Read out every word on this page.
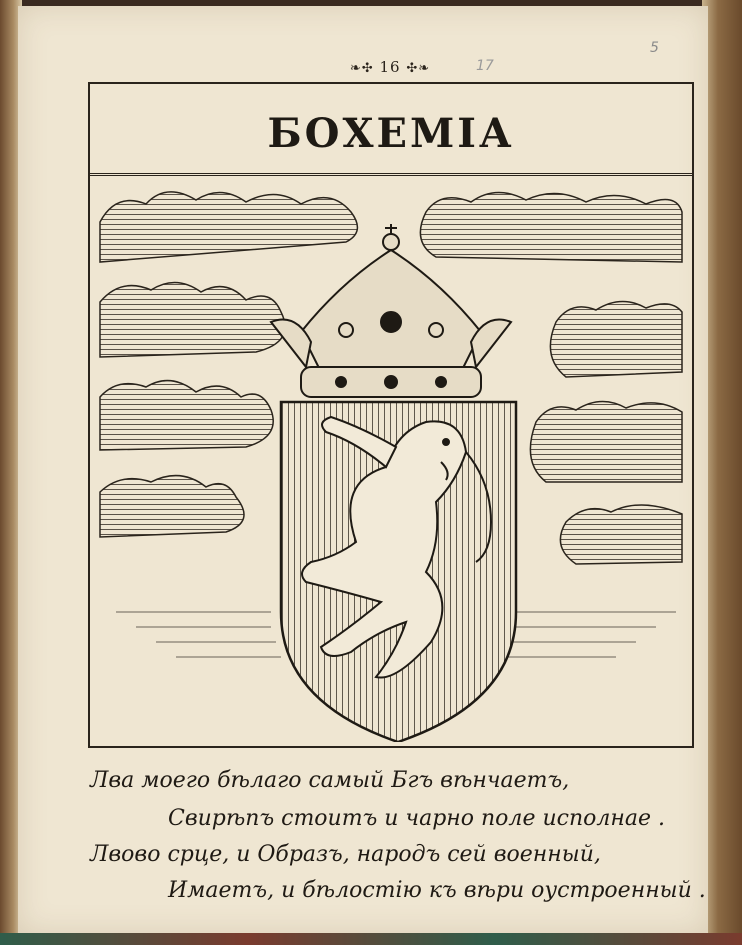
❧✣ 16 ✣❧	17
5
БОХЕМІА
Лва моего бѣлаго самый Бгъ вѣнчаетъ,
Свирѣпъ стоитъ и чарно поле исполнае .
Лвово срце, и Образъ, народъ сей военный,
Имаетъ, и бѣлостію къ вѣри оустроенный .
